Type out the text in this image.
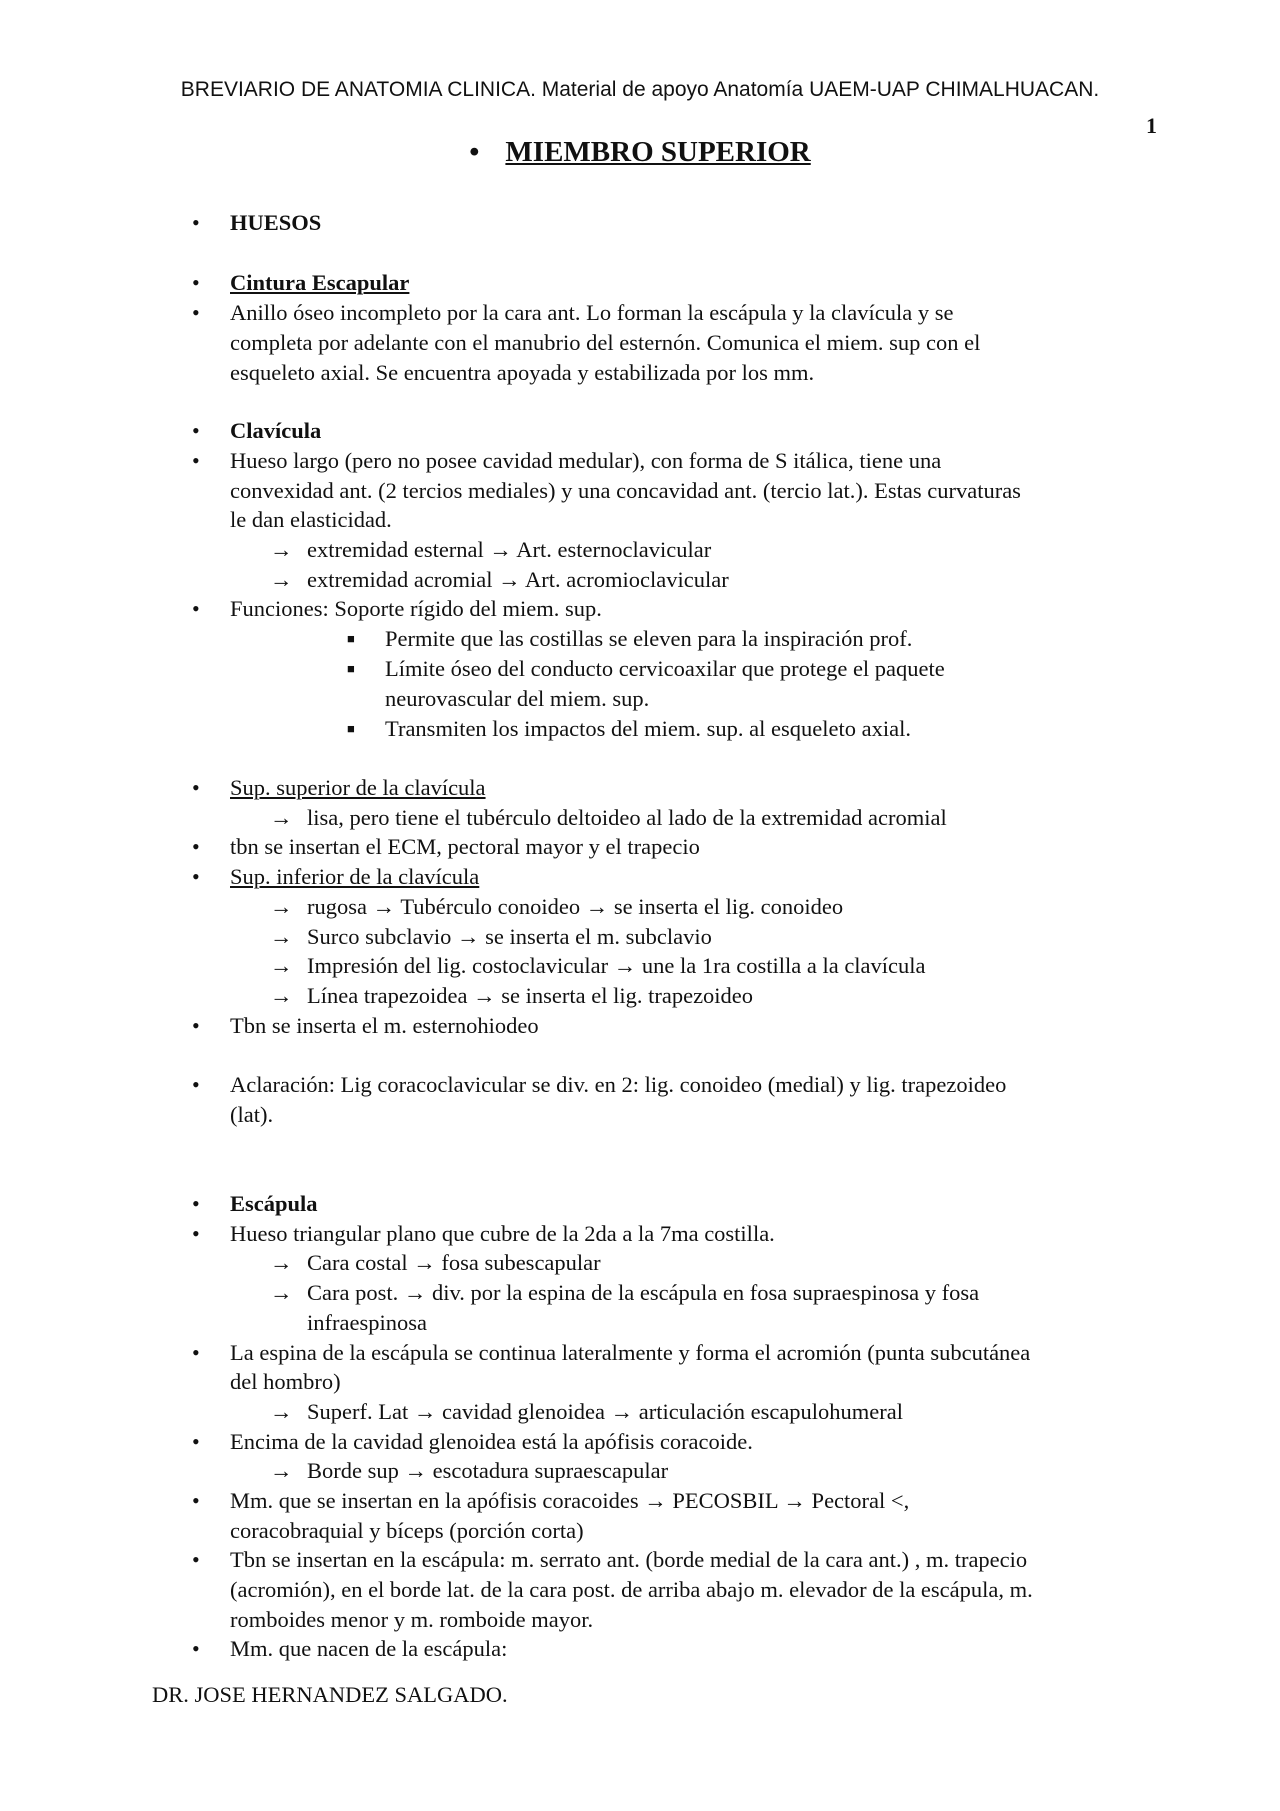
BREVIARIO DE ANATOMIA CLINICA. Material de apoyo Anatomía UAEM-UAP CHIMALHUACAN.
1
• MIEMBRO SUPERIOR
• HUESOS
• Cintura Escapular
• Anillo óseo incompleto por la cara ant. Lo forman la escápula y la clavícula y se
completa por adelante con el manubrio del esternón. Comunica el miem. sup con el
esqueleto axial. Se encuentra apoyada y estabilizada por los mm.
• Clavícula
• Hueso largo (pero no posee cavidad medular), con forma de S itálica, tiene una
convexidad ant. (2 tercios mediales) y una concavidad ant. (tercio lat.). Estas curvaturas
le dan elasticidad.
→ extremidad esternal → Art. esternoclavicular
→ extremidad acromial → Art. acromioclavicular
• Funciones: Soporte rígido del miem. sup.
■ Permite que las costillas se eleven para la inspiración prof.
■ Límite óseo del conducto cervicoaxilar que protege el paquete
neurovascular del miem. sup.
■ Transmiten los impactos del miem. sup. al esqueleto axial.
• Sup. superior de la clavícula
→ lisa, pero tiene el tubérculo deltoideo al lado de la extremidad acromial
• tbn se insertan el ECM, pectoral mayor y el trapecio
• Sup. inferior de la clavícula
→ rugosa → Tubérculo conoideo → se inserta el lig. conoideo
→ Surco subclavio → se inserta el m. subclavio
→ Impresión del lig. costoclavicular → une la 1ra costilla a la clavícula
→ Línea trapezoidea → se inserta el lig. trapezoideo
• Tbn se inserta el m. esternohiodeo
• Aclaración: Lig coracoclavicular se div. en 2: lig. conoideo (medial) y lig. trapezoideo
(lat).
• Escápula
• Hueso triangular plano que cubre de la 2da a la 7ma costilla.
→ Cara costal → fosa subescapular
→ Cara post. → div. por la espina de la escápula en fosa supraespinosa y fosa
infraespinosa
• La espina de la escápula se continua lateralmente y forma el acromión (punta subcutánea
del hombro)
→ Superf. Lat → cavidad glenoidea → articulación escapulohumeral
• Encima de la cavidad glenoidea está la apófisis coracoide.
→ Borde sup → escotadura supraescapular
• Mm. que se insertan en la apófisis coracoides → PECOSBIL → Pectoral <,
coracobraquial y bíceps (porción corta)
• Tbn se insertan en la escápula: m. serrato ant. (borde medial de la cara ant.) , m. trapecio
(acromión), en el borde lat. de la cara post. de arriba abajo m. elevador de la escápula, m.
romboides menor y m. romboide mayor.
• Mm. que nacen de la escápula:
DR. JOSE HERNANDEZ SALGADO.
